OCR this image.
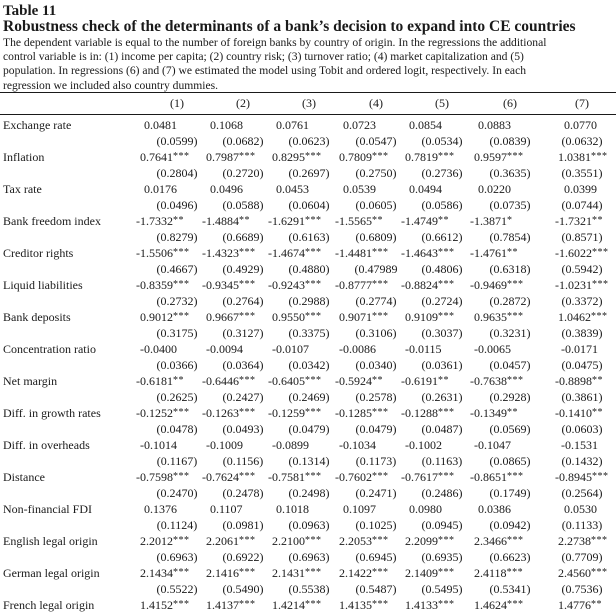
Table 11
Robustness check of the determinants of a bank’s decision to expand into CE countries
The dependent variable is equal to the number of foreign banks by country of origin. In the regressions the additional
control variable is in: (1) income per capita; (2) country risk; (3) turnover ratio; (4) market capitalization and (5)
population. In regressions (6) and (7) we estimated the model using Tobit and ordered logit, respectively. In each
regression we included also country dummies.
(1)	(2)	(3)	(4)	(5)	(6)	(7)
Exchange rate	0.0481	0.1068	0.0761	0.0723	0.0854	0.0883	0.0770
(0.0599)	(0.0682)	(0.0623)	(0.0547)	(0.0534)	(0.0839)	(0.0632)
Inflation	0.7641*** 0.7987*** 0.8295*** 0.7809*** 0.7819*** 0.9597***	1.0381***
(0.2804)	(0.2720)	(0.2697)	(0.2750)	(0.2736)	(0.3635)	(0.3551)
Tax rate	0.0176	0.0496	0.0453	0.0539	0.0494	0.0220	0.0399
(0.0496)	(0.0588)	(0.0604)	(0.0605)	(0.0586)	(0.0735)	(0.0744)
Bank freedom index	-1.7332** -1.4884** -1.6291*** -1.5565** -1.4749** -1.3871*	-1.7321**
(0.8279)	(0.6689)	(0.6163)	(0.6809)	(0.6612)	(0.7854)	(0.8571)
Creditor rights	-1.5506*** -1.4323*** -1.4674*** -1.4481*** -1.4643*** -1.4761**	-1.6022***
(0.4667)	(0.4929)	(0.4880)	(0.47989	(0.4806)	(0.6318)	(0.5942)
Liquid liabilities	-0.8359*** -0.9345*** -0.9243*** -0.8777*** -0.8824*** -0.9469***	-1.0231***
(0.2732)	(0.2764)	(0.2988)	(0.2774)	(0.2724)	(0.2872)	(0.3372)
Bank deposits	0.9012*** 0.9667*** 0.9550*** 0.9071*** 0.9109*** 0.9635***	1.0462***
(0.3175)	(0.3127)	(0.3375)	(0.3106)	(0.3037)	(0.3231)	(0.3839)
Concentration ratio	-0.0400 -0.0094 -0.0107	-0.0086 -0.0115	-0.0065	-0.0171
(0.0366)	(0.0364)	(0.0342)	(0.0340)	(0.0361)	(0.0457)	(0.0475)
Net margin	-0.6181** -0.6446*** -0.6405*** -0.5924** -0.6191** -0.7638***	-0.8898**
(0.2625)	(0.2427)	(0.2469)	(0.2578)	(0.2631)	(0.2928)	(0.3861)
Diff. in growth rates	-0.1252*** -0.1263*** -0.1259*** -0.1285*** -0.1288*** -0.1349**	-0.1410**
(0.0478)	(0.0493)	(0.0479)	(0.0479)	(0.0487)	(0.0569)	(0.0603)
Diff. in overheads	-0.1014 -0.1009 -0.0899	-0.1034 -0.1002	-0.1047	-0.1531
(0.1167)	(0.1156)	(0.1314)	(0.1173)	(0.1163)	(0.0865)	(0.1432)
Distance	-0.7598*** -0.7624*** -0.7581*** -0.7602*** -0.7617*** -0.8651***	-0.8945***
(0.2470)	(0.2478)	(0.2498)	(0.2471)	(0.2486)	(0.1749)	(0.2564)
Non-financial FDI	0.1376	0.1107	0.1018	0.1097	0.0980	0.0386	0.0530
(0.1124)	(0.0981)	(0.0963)	(0.1025)	(0.0945)	(0.0942)	(0.1133)
English legal origin	2.2012*** 2.2061*** 2.2100*** 2.2053*** 2.2099*** 2.3466***	2.2738***
(0.6963)	(0.6922)	(0.6963)	(0.6945)	(0.6935)	(0.6623)	(0.7709)
German legal origin	2.1434*** 2.1416*** 2.1431*** 2.1422*** 2.1409*** 2.4118***	2.4560***
(0.5522)	(0.5490)	(0.5538)	(0.5487)	(0.5495)	(0.5341)	(0.7536)
French legal origin	1.4152*** 1.4137*** 1.4214*** 1.4135*** 1.4133*** 1.4624***	1.4776**
